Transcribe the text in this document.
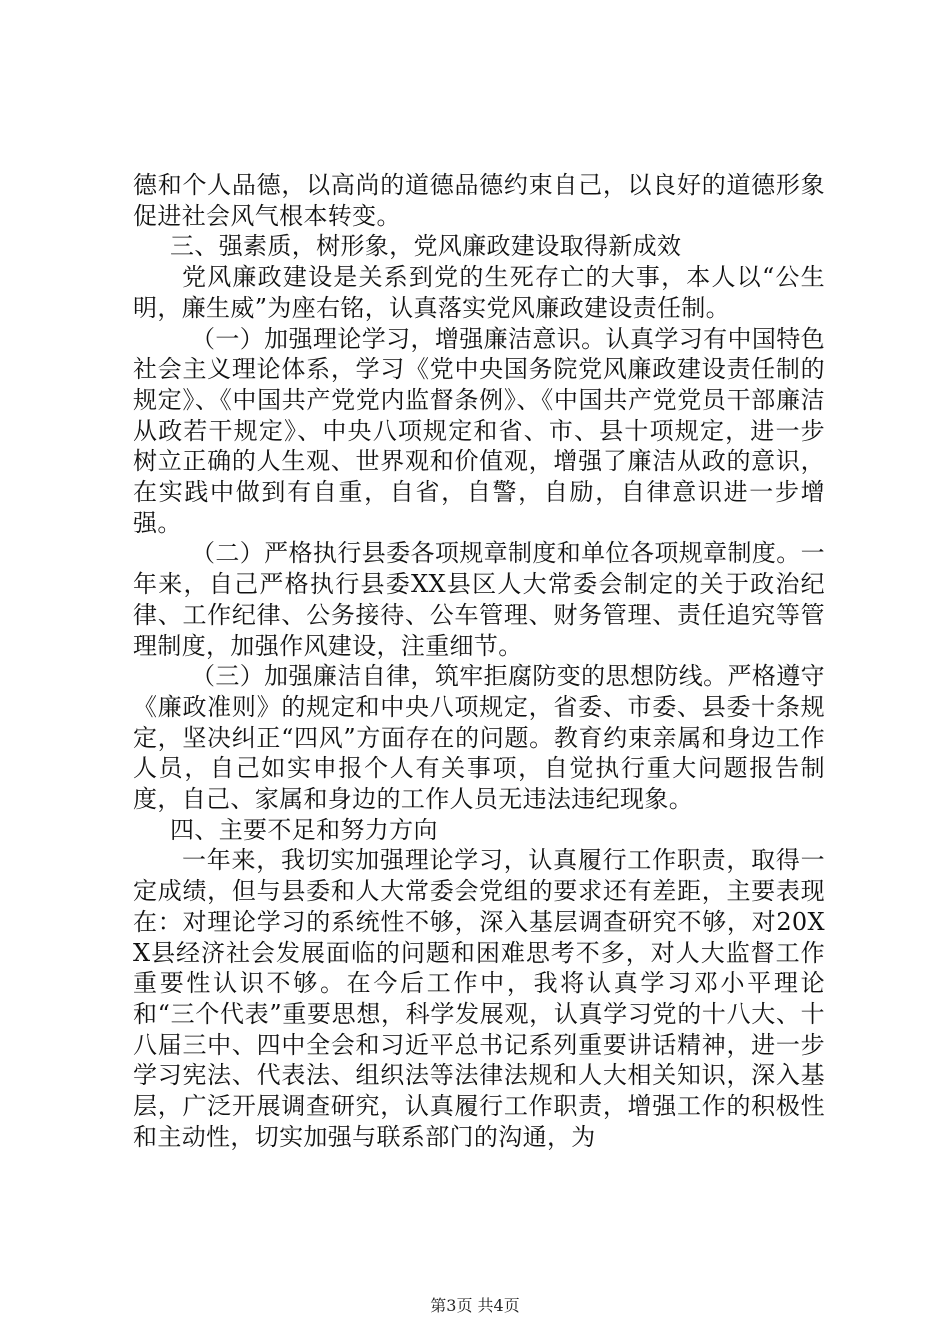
德和个人品德，以高尚的道德品德约束自己，以良好的道德形象促进社会风气根本转变。

三、强素质，树形象，党风廉政建设取得新成效

党风廉政建设是关系到党的生死存亡的大事，本人以“公生明，廉生威”为座右铭，认真落实党风廉政建设责任制。

（一）加强理论学习，增强廉洁意识。认真学习有中国特色社会主义理论体系，学习《党中央国务院党风廉政建设责任制的规定》、《中国共产党党内监督条例》、《中国共产党党员干部廉洁从政若干规定》、中央八项规定和省、市、县十项规定，进一步树立正确的人生观、世界观和价值观，增强了廉洁从政的意识，在实践中做到有自重，自省，自警，自励，自律意识进一步增强。

（二）严格执行县委各项规章制度和单位各项规章制度。一年来，自己严格执行县委XX县区人大常委会制定的关于政治纪律、工作纪律、公务接待、公车管理、财务管理、责任追究等管理制度，加强作风建设，注重细节。

（三）加强廉洁自律，筑牢拒腐防变的思想防线。严格遵守《廉政准则》的规定和中央八项规定，省委、市委、县委十条规定，坚决纠正“四风”方面存在的问题。教育约束亲属和身边工作人员，自己如实申报个人有关事项，自觉执行重大问题报告制度，自己、家属和身边的工作人员无违法违纪现象。

四、主要不足和努力方向

一年来，我切实加强理论学习，认真履行工作职责，取得一定成绩，但与县委和人大常委会党组的要求还有差距，主要表现在：对理论学习的系统性不够，深入基层调查研究不够，对20XX县经济社会发展面临的问题和困难思考不多，对人大监督工作重要性认识不够。在今后工作中，我将认真学习邓小平理论和“三个代表”重要思想，科学发展观，认真学习党的十八大、十八届三中、四中全会和习近平总书记系列重要讲话精神，进一步学习宪法、代表法、组织法等法律法规和人大相关知识，深入基层，广泛开展调查研究，认真履行工作职责，增强工作的积极性和主动性，切实加强与联系部门的沟通，为

第3页 共4页
